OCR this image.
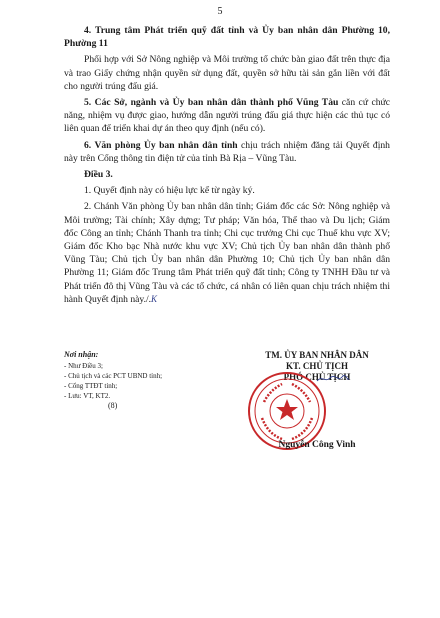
5

4. Trung tâm Phát triển quỹ đất tỉnh và Ủy ban nhân dân Phường 10, Phường 11

Phối hợp với Sở Nông nghiệp và Môi trường tổ chức bàn giao đất trên thực địa và trao Giấy chứng nhận quyền sử dụng đất, quyền sở hữu tài sản gắn liền với đất cho người trúng đấu giá.

5. Các Sở, ngành và Ủy ban nhân dân thành phố Vũng Tàu căn cứ chức năng, nhiệm vụ được giao, hướng dẫn người trúng đấu giá thực hiện các thủ tục có liên quan để triển khai dự án theo quy định (nếu có).

6. Văn phòng Ủy ban nhân dân tỉnh chịu trách nhiệm đăng tải Quyết định này trên Cổng thông tin điện tử của tỉnh Bà Rịa – Vũng Tàu.

Điều 3.

1. Quyết định này có hiệu lực kể từ ngày ký.

2. Chánh Văn phòng Ủy ban nhân dân tỉnh; Giám đốc các Sở: Nông nghiệp và Môi trường; Tài chính; Xây dựng; Tư pháp; Văn hóa, Thể thao và Du lịch; Giám đốc Công an tỉnh; Chánh Thanh tra tỉnh; Chi cục trưởng Chi cục Thuế khu vực XV; Giám đốc Kho bạc Nhà nước khu vực XV; Chủ tịch Ủy ban nhân dân thành phố Vũng Tàu; Chủ tịch Ủy ban nhân dân Phường 10; Chủ tịch Ủy ban nhân dân Phường 11; Giám đốc Trung tâm Phát triển quỹ đất tỉnh; Công ty TNHH Đầu tư và Phát triển đô thị Vũng Tàu và các tổ chức, cá nhân có liên quan chịu trách nhiệm thi hành Quyết định này./.K

Nơi nhận:
- Như Điều 3;
- Chủ tịch và các PCT UBND tỉnh;
- Cổng TTĐT tỉnh;
- Lưu: VT, KT2.
(8)
TM. ỦY BAN NHÂN DÂN
KT. CHỦ TỊCH
PHÓ CHỦ TỊCH
Nguyễn Công Vinh
